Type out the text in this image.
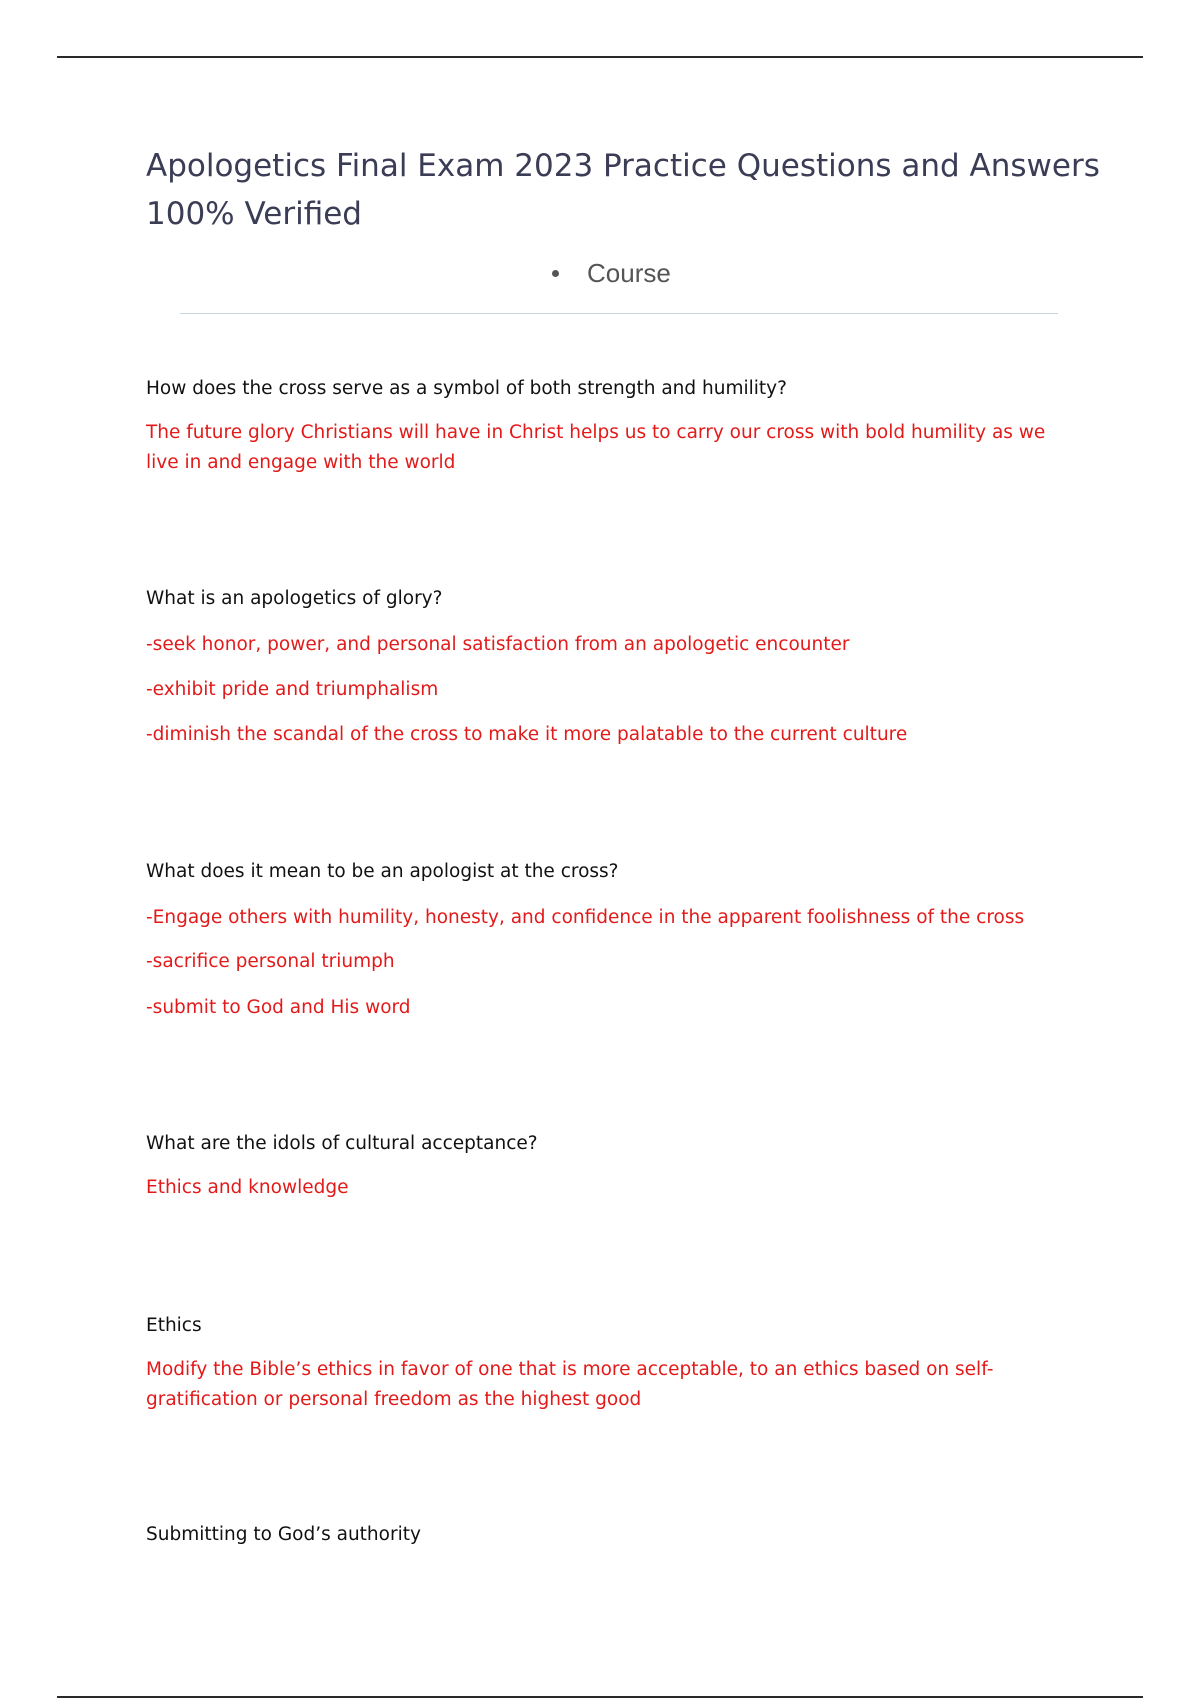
Apologetics Final Exam 2023 Practice Questions and Answers 100% Verified
Course

How does the cross serve as a symbol of both strength and humility?

The future glory Christians will have in Christ helps us to carry our cross with bold humility as we live in and engage with the world

What is an apologetics of glory?

-seek honor, power, and personal satisfaction from an apologetic encounter

-exhibit pride and triumphalism

-diminish the scandal of the cross to make it more palatable to the current culture

What does it mean to be an apologist at the cross?

-Engage others with humility, honesty, and confidence in the apparent foolishness of the cross

-sacrifice personal triumph

-submit to God and His word

What are the idols of cultural acceptance?

Ethics and knowledge

Ethics

Modify the Bible’s ethics in favor of one that is more acceptable, to an ethics based on self-gratification or personal freedom as the highest good

Submitting to God’s authority
